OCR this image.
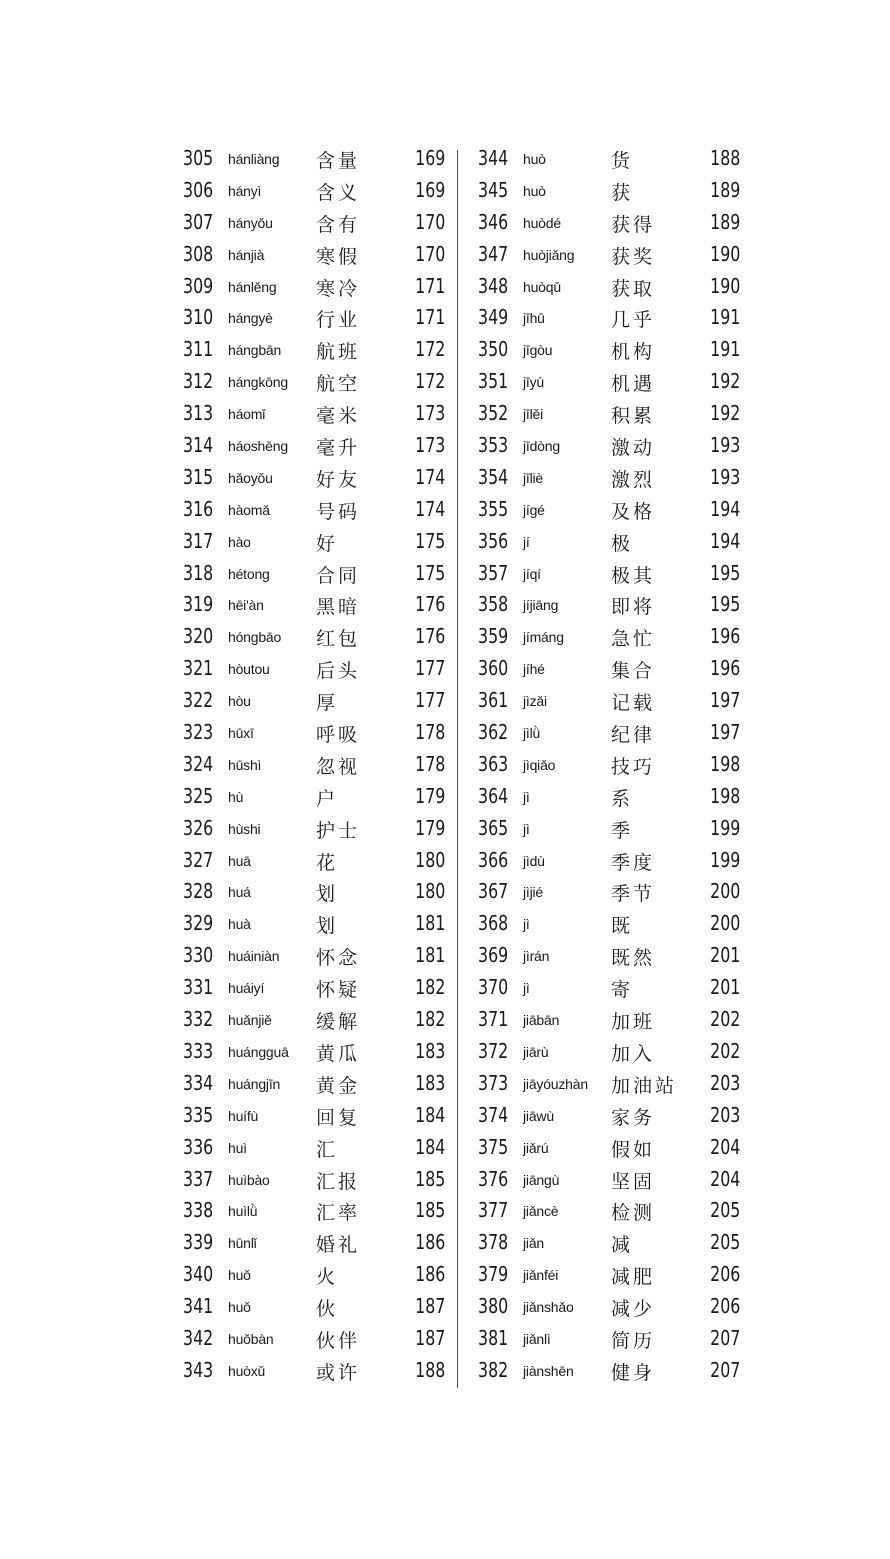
305 hánliàng 含量	169
306 hányì	含义	169
307 hányǒu 含有	170
308 hánjià	寒假	170
309 hánlěng 寒冷	171
310 hángyè 行业	171
311 hángbān 航班	172
312 hángkōng 航空	172
313 háomǐ	毫米	173
314 háoshēng 毫升	173
315 hǎoyǒu 好友	174
316 hàomǎ 号码	174
317 hào	好	175
318 hétong 合同	175
319 hēi'àn	黑暗	176
320 hóngbāo 红包	176
321 hòutou 后头	177
322 hòu	厚	177
323 hūxī	呼吸	178
324 hūshì	忽视	178
325 hù	户	179
326 hùshi	护士	179
327 huā	花	180
328 huá	划	180
329 huà	划	181
330 huáiniàn 怀念	181
331 huáiyí	怀疑	182
332 huǎnjiě 缓解	182
333 huángguā 黄瓜	183
334 huángjīn 黄金	183
335 huífù	回复	184
336 huì	汇	184
337 huìbào 汇报	185
338 huìlǜ	汇率	185
339 hūnlǐ	婚礼	186
340 huǒ	火	186
341 huǒ	伙	187
342 huǒbàn 伙伴	187
343 huòxǔ	或许	188
344 huò	货	188
345 huò	获	189
346 huòdé	获得	189
347 huòjiǎng 获奖	190
348 huòqǔ	获取	190
349 jīhū	几乎	191
350 jīgòu	机构	191
351 jīyù	机遇	192
352 jīlěi	积累	192
353 jīdòng	激动	193
354 jīliè	激烈	193
355 jígé	及格	194
356 jí	极	194
357 jíqí	极其	195
358 jíjiāng	即将	195
359 jímáng 急忙	196
360 jíhé	集合	196
361 jìzǎi	记载	197
362 jìlǜ	纪律	197
363 jìqiǎo	技巧	198
364 jì	系	198
365 jì	季	199
366 jìdù	季度	199
367 jìjié	季节	200
368 jì	既	200
369 jìrán	既然	201
370 jì	寄	201
371 jiābān	加班	202
372 jiārù	加入	202
373 jiāyóuzhàn 加油站 203
374 jiāwù	家务	203
375 jiǎrú	假如	204
376 jiāngù	坚固	204
377 jiǎncè	检测	205
378 jiǎn	减	205
379 jiǎnféi	减肥	206
380 jiǎnshǎo 减少	206
381 jiǎnlì	简历	207
382 jiànshēn 健身	207
